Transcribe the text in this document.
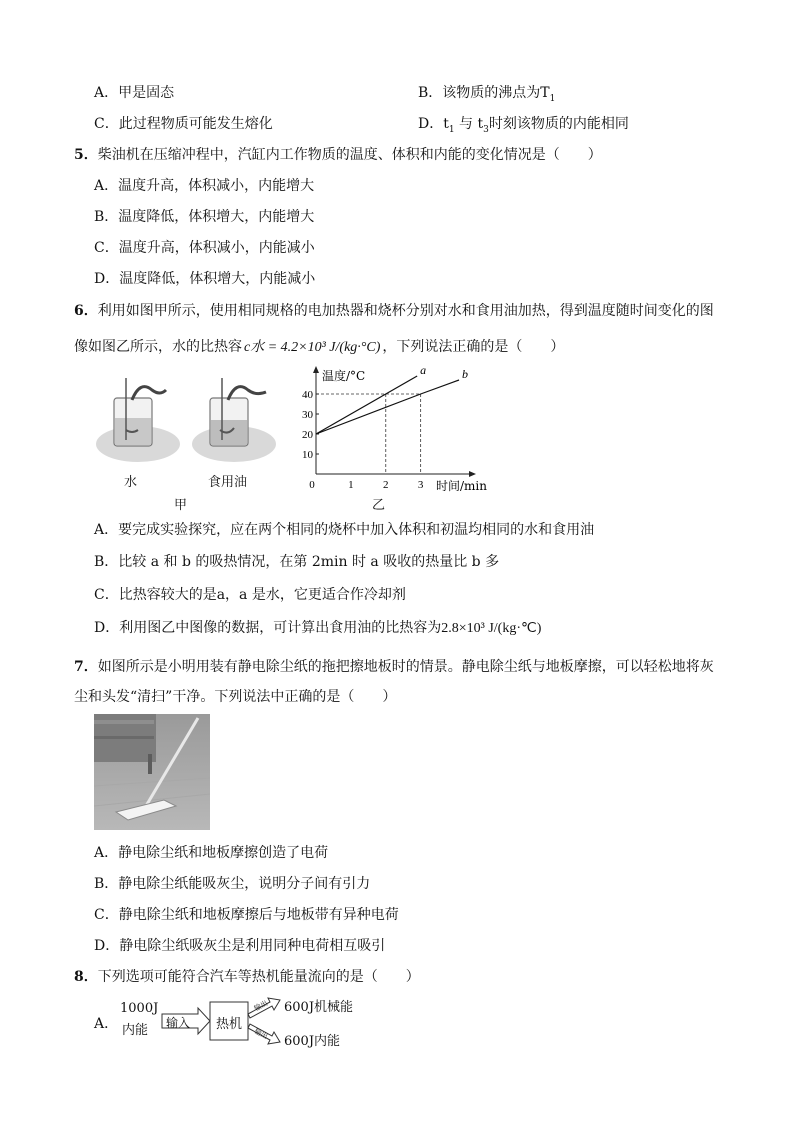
A．甲是固态	B．该物质的沸点为$T_1$
C．此过程物质可能发生熔化	D．$t_1$ 与 $t_3$时刻该物质的内能相同
5．柴油机在压缩冲程中，汽缸内工作物质的温度、体积和内能的变化情况是（　　）
A．温度升高，体积减小，内能增大
B．温度降低，体积增大，内能增大
C．温度升高，体积减小，内能减小
D．温度降低，体积增大，内能减小
6．利用如图甲所示，使用相同规格的电加热器和烧杯分别对水和食用油加热，得到温度随时间变化的图
像如图乙所示，水的比热容 c水 = 4.2×10³ J/(kg·°C) ，下列说法正确的是（　　）
水	食用油
甲
0	1	2	3
10
20
30
40
a	b
温度/°C
时间/min
乙
A．要完成实验探究，应在两个相同的烧杯中加入体积和初温均相同的水和食用油
B．比较 a 和 b 的吸热情况，在第 2min 时 a 吸收的热量比 b 多
C．比热容较大的是a，a 是水，它更适合作冷却剂
D．利用图乙中图像的数据，可计算出食用油的比热容为2.8×10³ J/(kg·℃)
7．如图所示是小明用装有静电除尘纸的拖把擦地板时的情景。静电除尘纸与地板摩擦，可以轻松地将灰
尘和头发“清扫”干净。下列说法中正确的是（　　）
A．静电除尘纸和地板摩擦创造了电荷
B．静电除尘纸能吸灰尘，说明分子间有引力
C．静电除尘纸和地板摩擦后与地板带有异种电荷
D．静电除尘纸吸灰尘是利用同种电荷相互吸引
8．下列选项可能符合汽车等热机能量流向的是（　　）
A．
1000J
内能 输入 热机
输出
输出
600J机械能
600J内能
